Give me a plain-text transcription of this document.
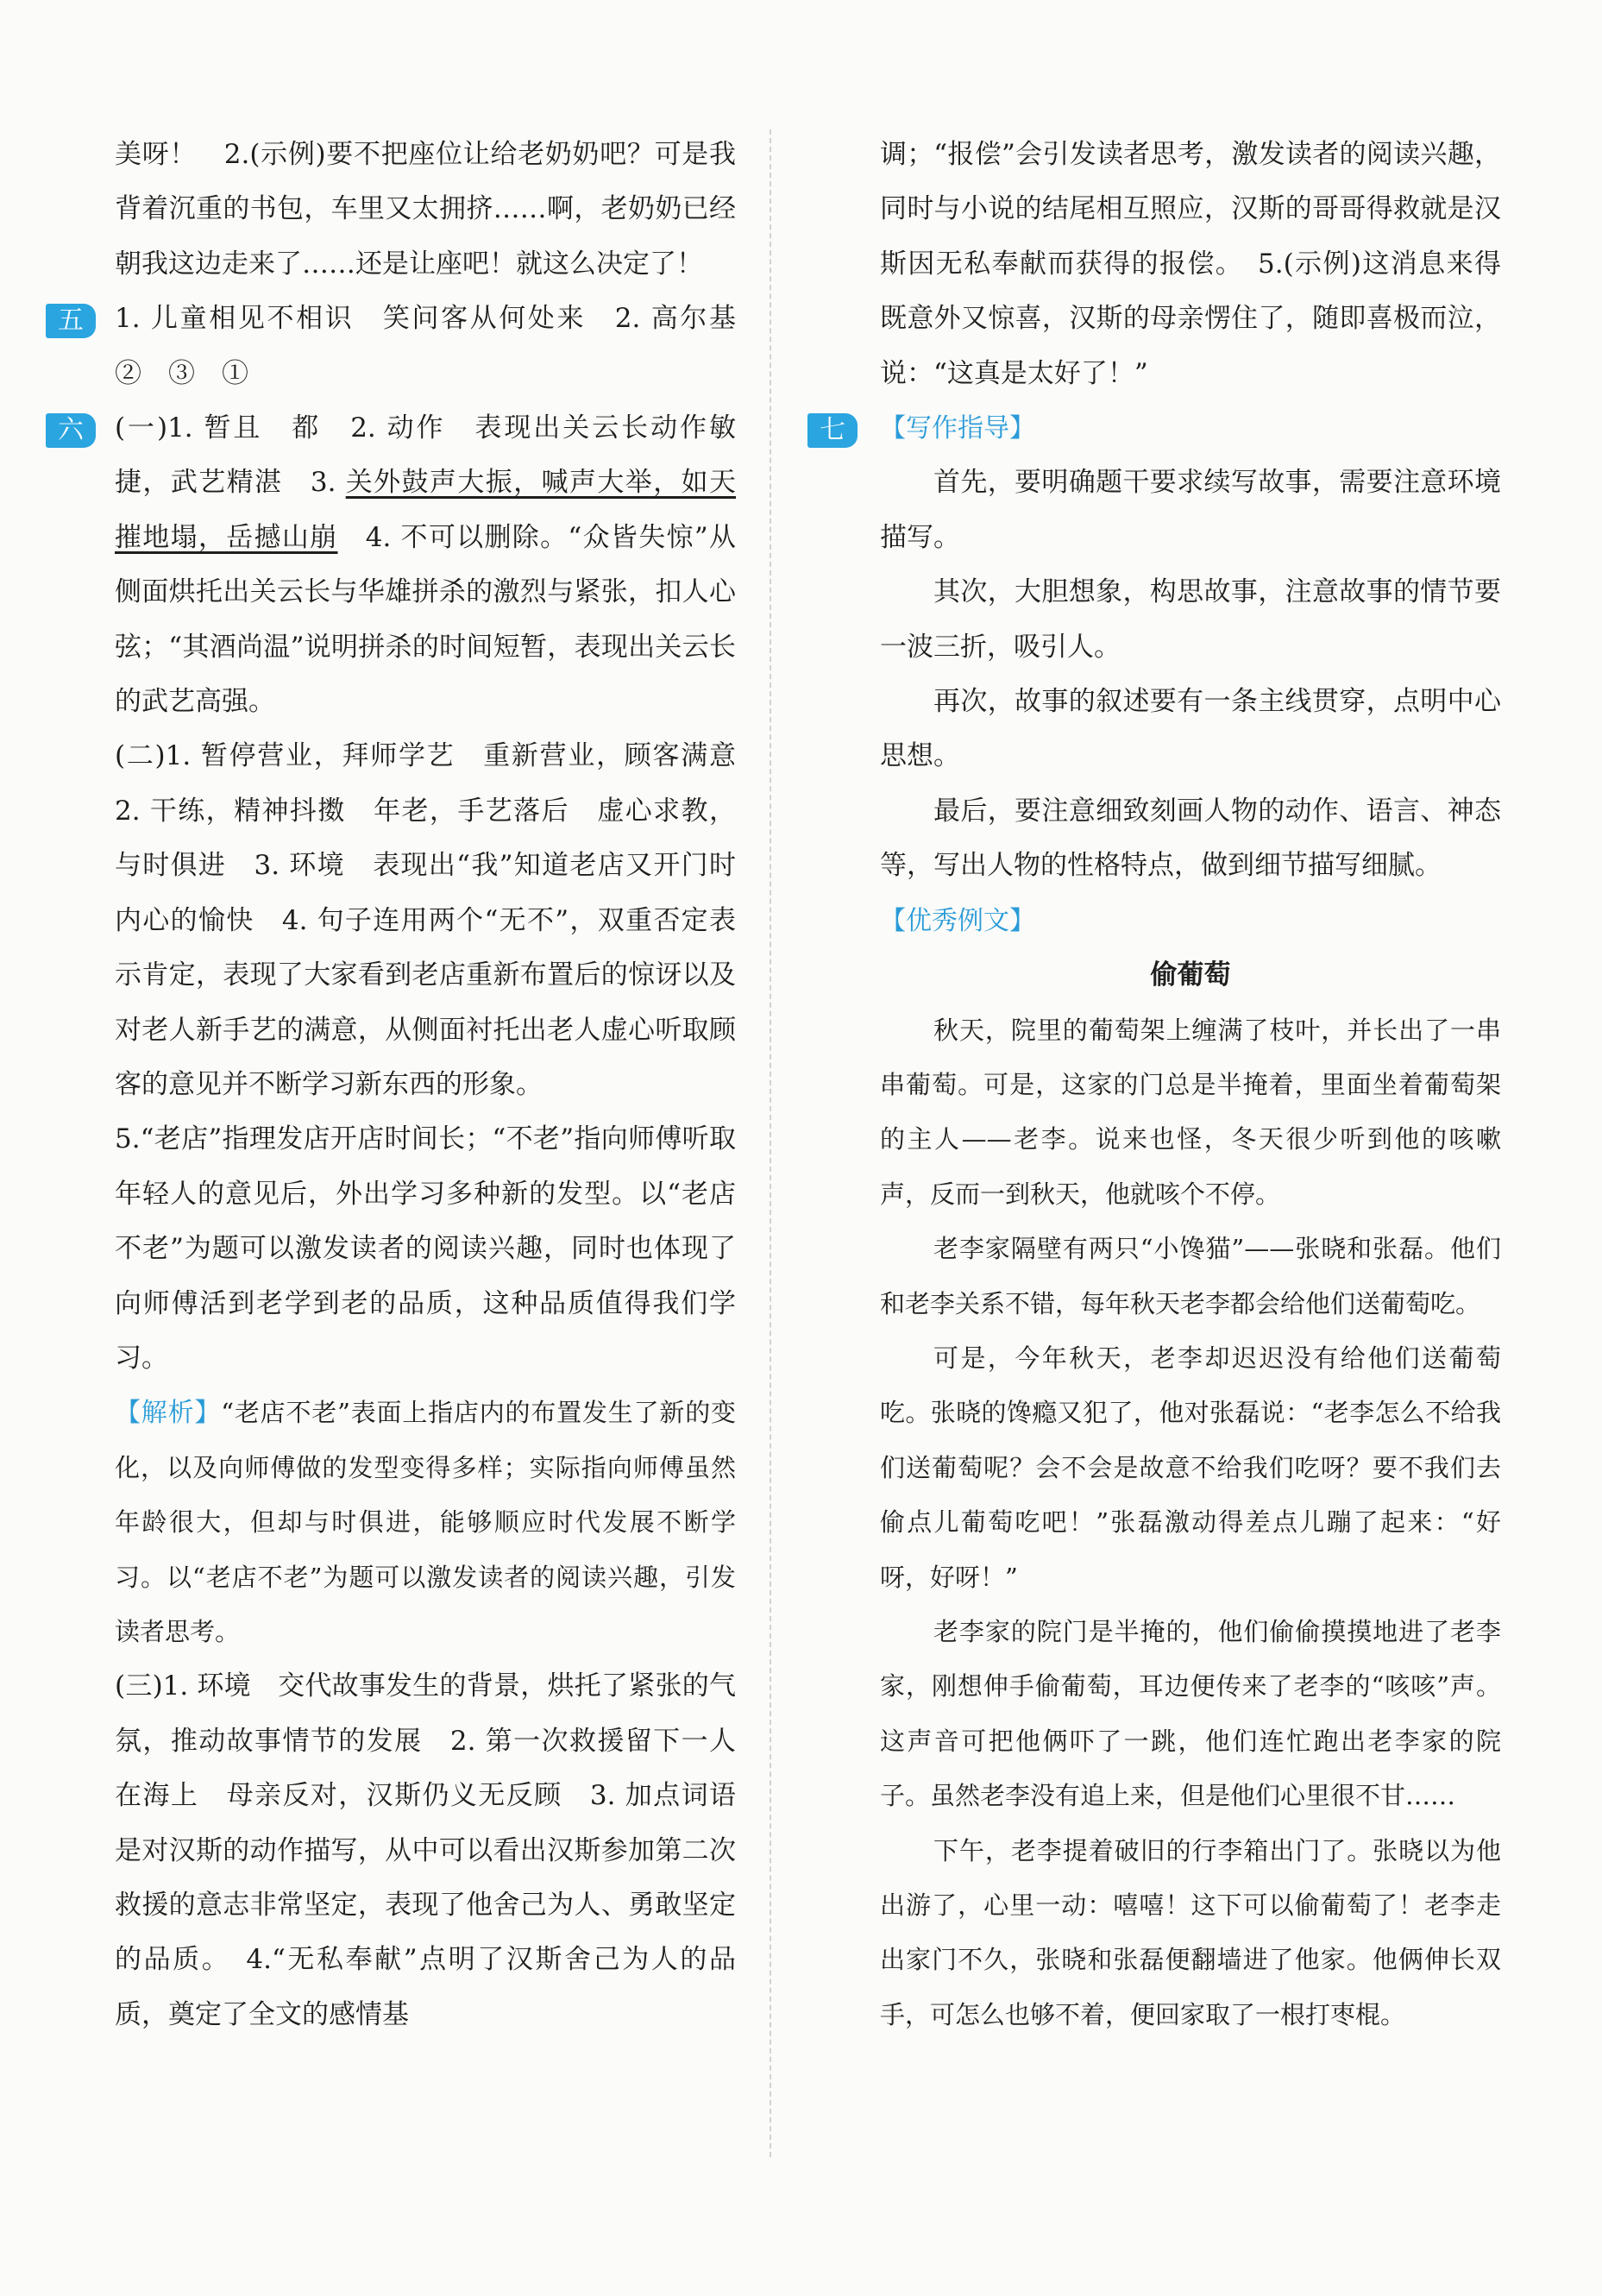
美呀！　2.(示例)要不把座位让给老奶奶吧？可是我背着沉重的书包，车里又太拥挤……啊，老奶奶已经朝我这边走来了……还是让座吧！就这么决定了！

五	1. 儿童相见不相识　笑问客从何处来　2. 高尔基　②　③　①

六	(一)1. 暂且　都　2. 动作　表现出关云长动作敏捷，武艺精湛　3. 关外鼓声大振，喊声大举，如天摧地塌，岳撼山崩　4. 不可以删除。“众皆失惊”从侧面烘托出关云长与华雄拼杀的激烈与紧张，扣人心弦；“其酒尚温”说明拼杀的时间短暂，表现出关云长的武艺高强。

(二)1. 暂停营业，拜师学艺　重新营业，顾客满意　2. 干练，精神抖擞　年老，手艺落后　虚心求教，与时俱进　3. 环境　表现出“我”知道老店又开门时内心的愉快　4. 句子连用两个“无不”，双重否定表示肯定，表现了大家看到老店重新布置后的惊讶以及对老人新手艺的满意，从侧面衬托出老人虚心听取顾客的意见并不断学习新东西的形象。

5.“老店”指理发店开店时间长；“不老”指向师傅听取年轻人的意见后，外出学习多种新的发型。以“老店不老”为题可以激发读者的阅读兴趣，同时也体现了向师傅活到老学到老的品质，这种品质值得我们学习。

【解析】“老店不老”表面上指店内的布置发生了新的变化，以及向师傅做的发型变得多样；实际指向师傅虽然年龄很大，但却与时俱进，能够顺应时代发展不断学习。以“老店不老”为题可以激发读者的阅读兴趣，引发读者思考。

(三)1. 环境　交代故事发生的背景，烘托了紧张的气氛，推动故事情节的发展　2. 第一次救援留下一人在海上　母亲反对，汉斯仍义无反顾　3. 加点词语是对汉斯的动作描写，从中可以看出汉斯参加第二次救援的意志非常坚定，表现了他舍己为人、勇敢坚定的品质。　4.“无私奉献”点明了汉斯舍己为人的品质，奠定了全文的感情基

调；“报偿”会引发读者思考，激发读者的阅读兴趣，同时与小说的结尾相互照应，汉斯的哥哥得救就是汉斯因无私奉献而获得的报偿。　5.(示例)这消息来得既意外又惊喜，汉斯的母亲愣住了，随即喜极而泣，说：“这真是太好了！”

七	【写作指导】

首先，要明确题干要求续写故事，需要注意环境描写。

其次，大胆想象，构思故事，注意故事的情节要一波三折，吸引人。

再次，故事的叙述要有一条主线贯穿，点明中心思想。

最后，要注意细致刻画人物的动作、语言、神态等，写出人物的性格特点，做到细节描写细腻。

【优秀例文】

偷葡萄

秋天，院里的葡萄架上缠满了枝叶，并长出了一串串葡萄。可是，这家的门总是半掩着，里面坐着葡萄架的主人——老李。说来也怪，冬天很少听到他的咳嗽声，反而一到秋天，他就咳个不停。

老李家隔壁有两只“小馋猫”——张晓和张磊。他们和老李关系不错，每年秋天老李都会给他们送葡萄吃。

可是，今年秋天，老李却迟迟没有给他们送葡萄吃。张晓的馋瘾又犯了，他对张磊说：“老李怎么不给我们送葡萄呢？会不会是故意不给我们吃呀？要不我们去偷点儿葡萄吃吧！”张磊激动得差点儿蹦了起来：“好呀，好呀！”

老李家的院门是半掩的，他们偷偷摸摸地进了老李家，刚想伸手偷葡萄，耳边便传来了老李的“咳咳”声。这声音可把他俩吓了一跳，他们连忙跑出老李家的院子。虽然老李没有追上来，但是他们心里很不甘……

下午，老李提着破旧的行李箱出门了。张晓以为他出游了，心里一动：嘻嘻！这下可以偷葡萄了！老李走出家门不久，张晓和张磊便翻墙进了他家。他俩伸长双手，可怎么也够不着，便回家取了一根打枣棍。
